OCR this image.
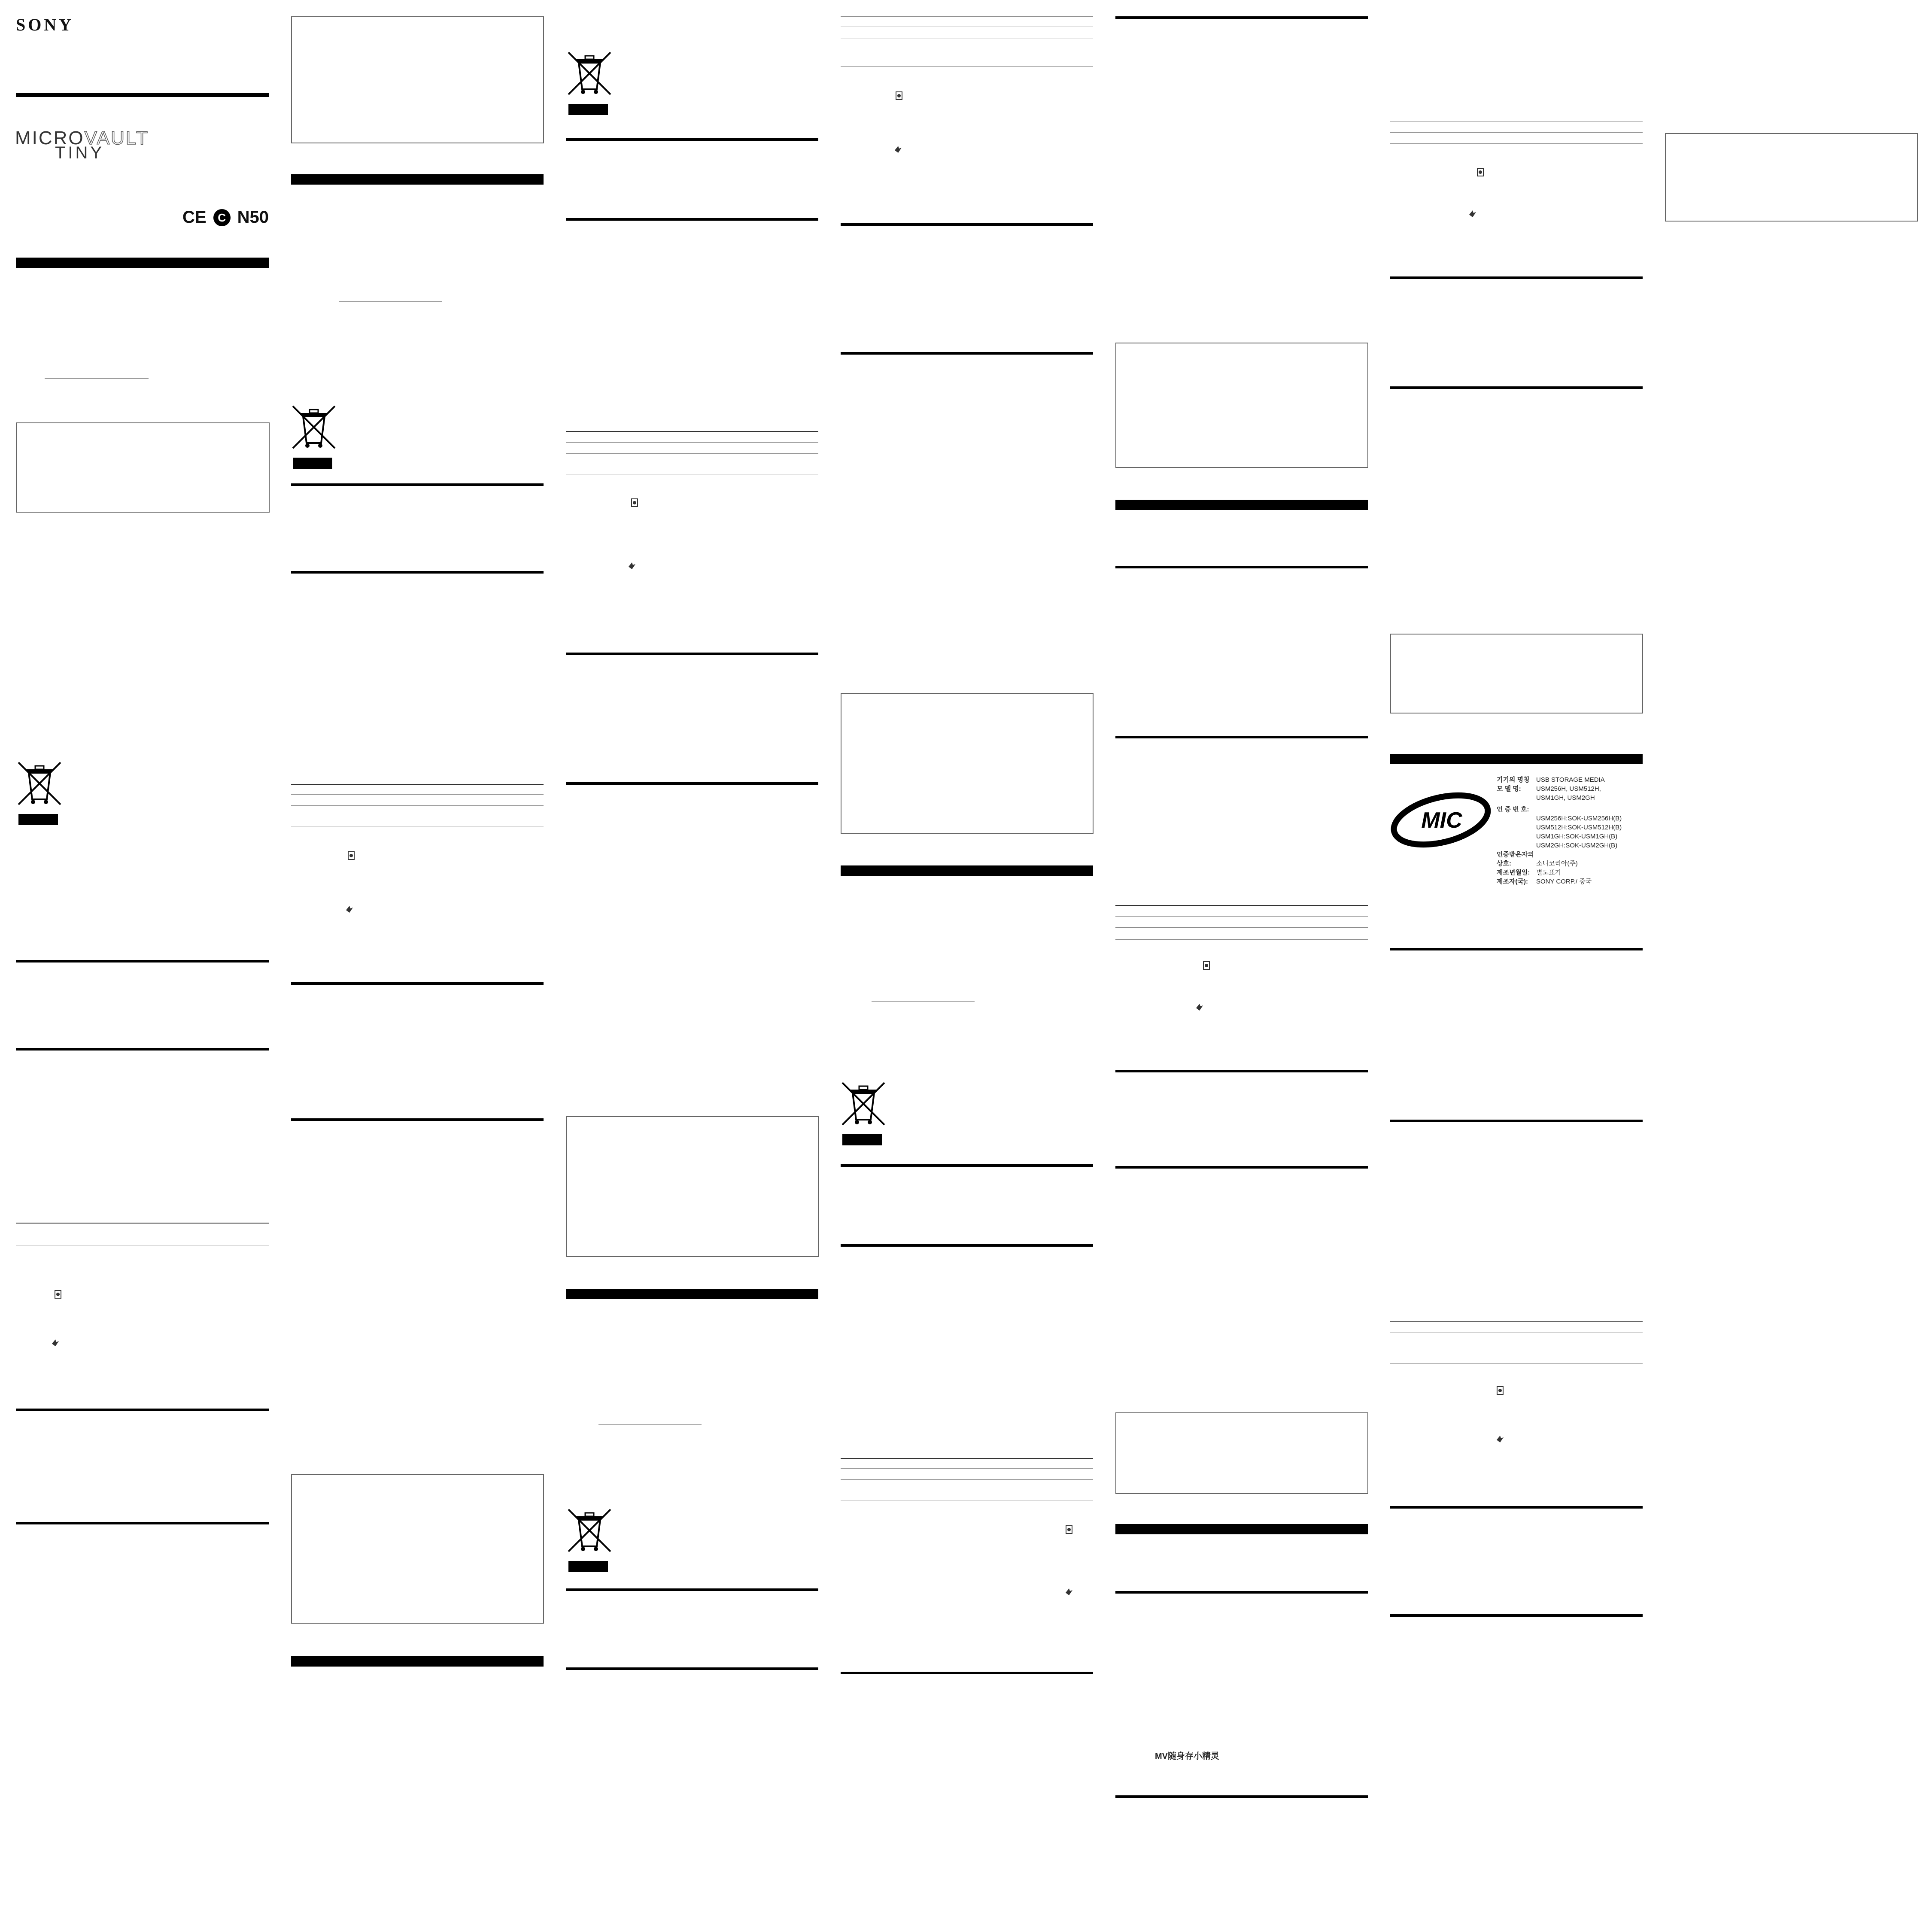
SONY
MICROVAULT
TINY
CE	C N50
MV随身存小精灵
MIC
기기의 명칭 USB STORAGE MEDIA
모 델 명: USM256H, USM512H,
USM1GH, USM2GH
인 증 번 호:
USM256H:SOK-USM256H(B)
USM512H:SOK-USM512H(B)
USM1GH:SOK-USM1GH(B)
USM2GH:SOK-USM2GH(B)
인증받은자의 상호:	소니코리아(주)
제조년월일: 별도표기
제조자(국): SONY CORP./ 중국
